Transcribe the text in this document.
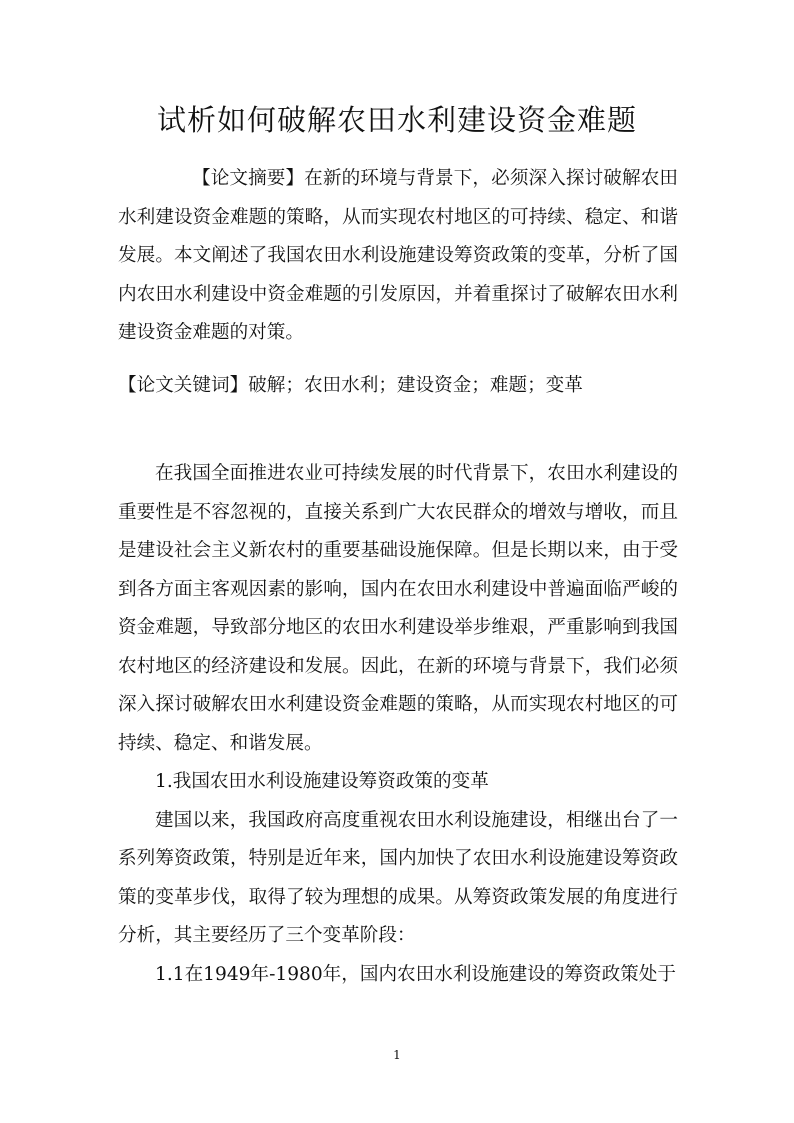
试析如何破解农田水利建设资金难题

【论文摘要】在新的环境与背景下，必须深入探讨破解农田水利建设资金难题的策略，从而实现农村地区的可持续、稳定、和谐发展。本文阐述了我国农田水利设施建设筹资政策的变革，分析了国内农田水利建设中资金难题的引发原因，并着重探讨了破解农田水利建设资金难题的对策。

【论文关键词】破解；农田水利；建设资金；难题；变革

在我国全面推进农业可持续发展的时代背景下，农田水利建设的重要性是不容忽视的，直接关系到广大农民群众的增效与增收，而且是建设社会主义新农村的重要基础设施保障。但是长期以来，由于受到各方面主客观因素的影响，国内在农田水利建设中普遍面临严峻的资金难题，导致部分地区的农田水利建设举步维艰，严重影响到我国农村地区的经济建设和发展。因此，在新的环境与背景下，我们必须深入探讨破解农田水利建设资金难题的策略，从而实现农村地区的可持续、稳定、和谐发展。

1.我国农田水利设施建设筹资政策的变革

建国以来，我国政府高度重视农田水利设施建设，相继出台了一系列筹资政策，特别是近年来，国内加快了农田水利设施建设筹资政策的变革步伐，取得了较为理想的成果。从筹资政策发展的角度进行分析，其主要经历了三个变革阶段：

1.1在1949年-1980年，国内农田水利设施建设的筹资政策处于

1
